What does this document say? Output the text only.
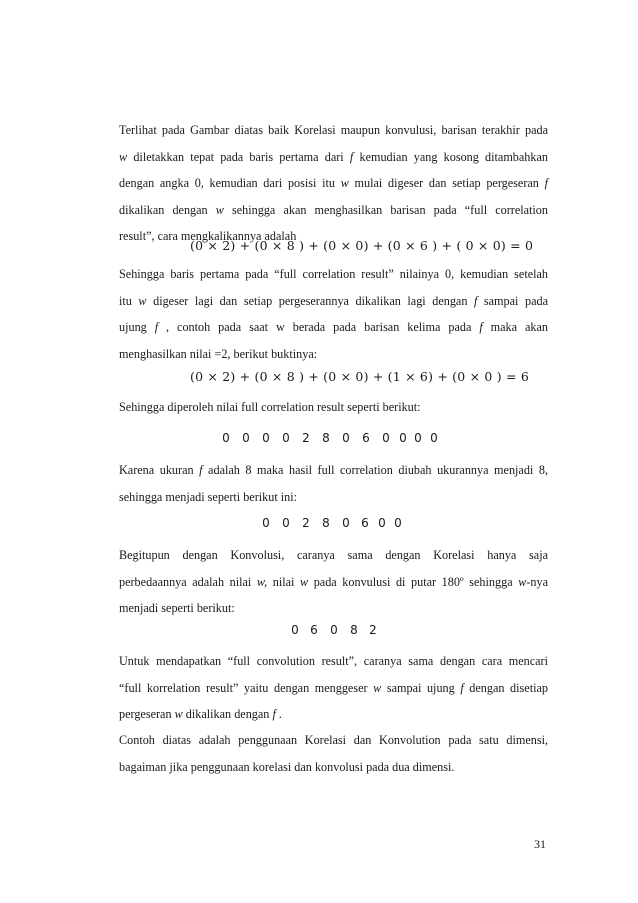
Terlihat pada Gambar diatas baik Korelasi maupun konvulusi, barisan terakhir pada
w diletakkan tepat pada baris pertama dari f kemudian yang kosong ditambahkan
dengan angka 0, kemudian dari posisi itu w mulai digeser dan setiap pergeseran f
dikalikan dengan w sehingga akan menghasilkan barisan pada “full correlation
result”, cara mengkalikannya adalah
(0 × 2) + (0 × 8 ) + (0 × 0) + (0 × 6 ) + ( 0 × 0) = 0
Sehingga baris pertama pada “full correlation result” nilainya 0, kemudian setelah
itu w digeser lagi dan setiap pergeserannya dikalikan lagi dengan f sampai pada
ujung f , contoh pada saat w berada pada barisan kelima pada f maka akan
menghasilkan nilai =2, berikut buktinya:
(0 × 2) + (0 × 8 ) + (0 × 0) + (1 × 6) + (0 × 0 ) = 6
Sehingga diperoleh nilai full correlation result seperti berikut:
0 0 0 0 2 8 0 6 0 0 0 0
Karena ukuran f adalah 8 maka hasil full correlation diubah ukurannya menjadi 8,
sehingga menjadi seperti berikut ini:
0 0 2 8 0 6 0 0
Begitupun dengan Konvolusi, caranya sama dengan Korelasi hanya saja
perbedaannya adalah nilai w, nilai w pada konvulusi di putar 180º sehingga w-nya
menjadi seperti berikut:
0 6 0 8 2
Untuk mendapatkan “full convolution result”, caranya sama dengan cara mencari
“full korrelation result” yaitu dengan menggeser w sampai ujung f dengan disetiap
pergeseran w dikalikan dengan f .
Contoh diatas adalah penggunaan Korelasi dan Konvolution pada satu dimensi,
bagaiman jika penggunaan korelasi dan konvolusi pada dua dimensi.
31
